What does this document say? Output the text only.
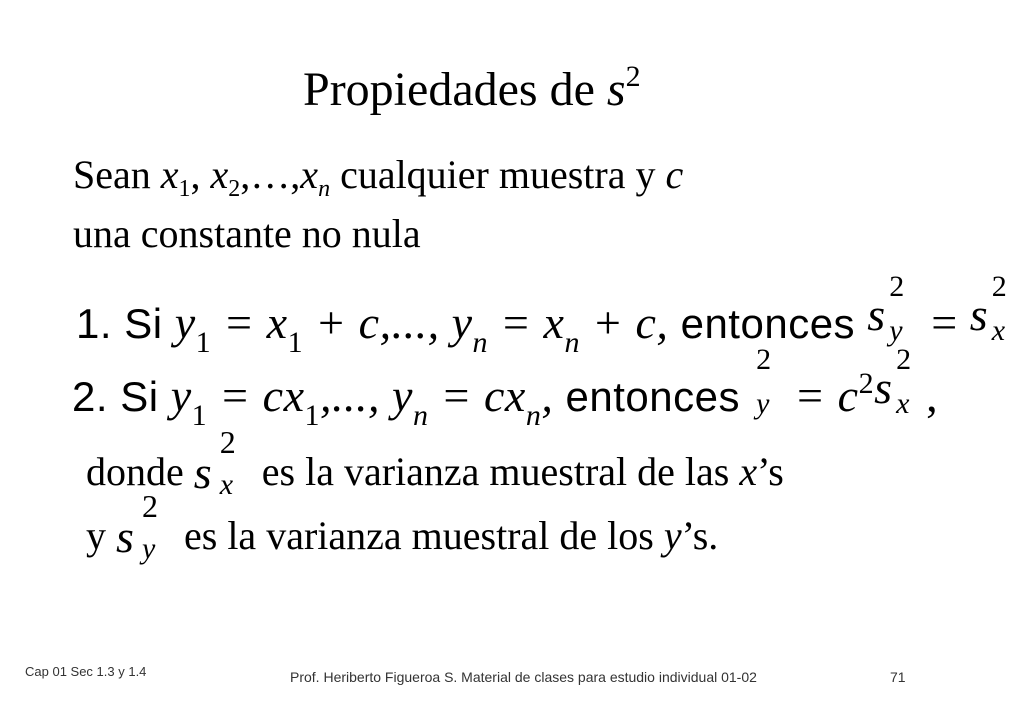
Propiedades de $s^2$
Sean $x_1$, $x_2,\dots,x_n$ cualquier muestra y c
una constante no nula
1. Si $y_1 = x_1 + c$,..., $y_n = x_n + c$, entonces s
2
y = s
2
x
2. Si $y_1 = cx_1$,..., $y_n = cx_n$, entonces
2
$y = c^2$ s
2
x ,
donde s
2
x es la varianza muestral de las x’s
y s
2
y es la varianza muestral de los y’s.
Cap 01 Sec 1.3 y 1.4	Prof. Heriberto Figueroa S. Material de clases para estudio individual 01-02	71
